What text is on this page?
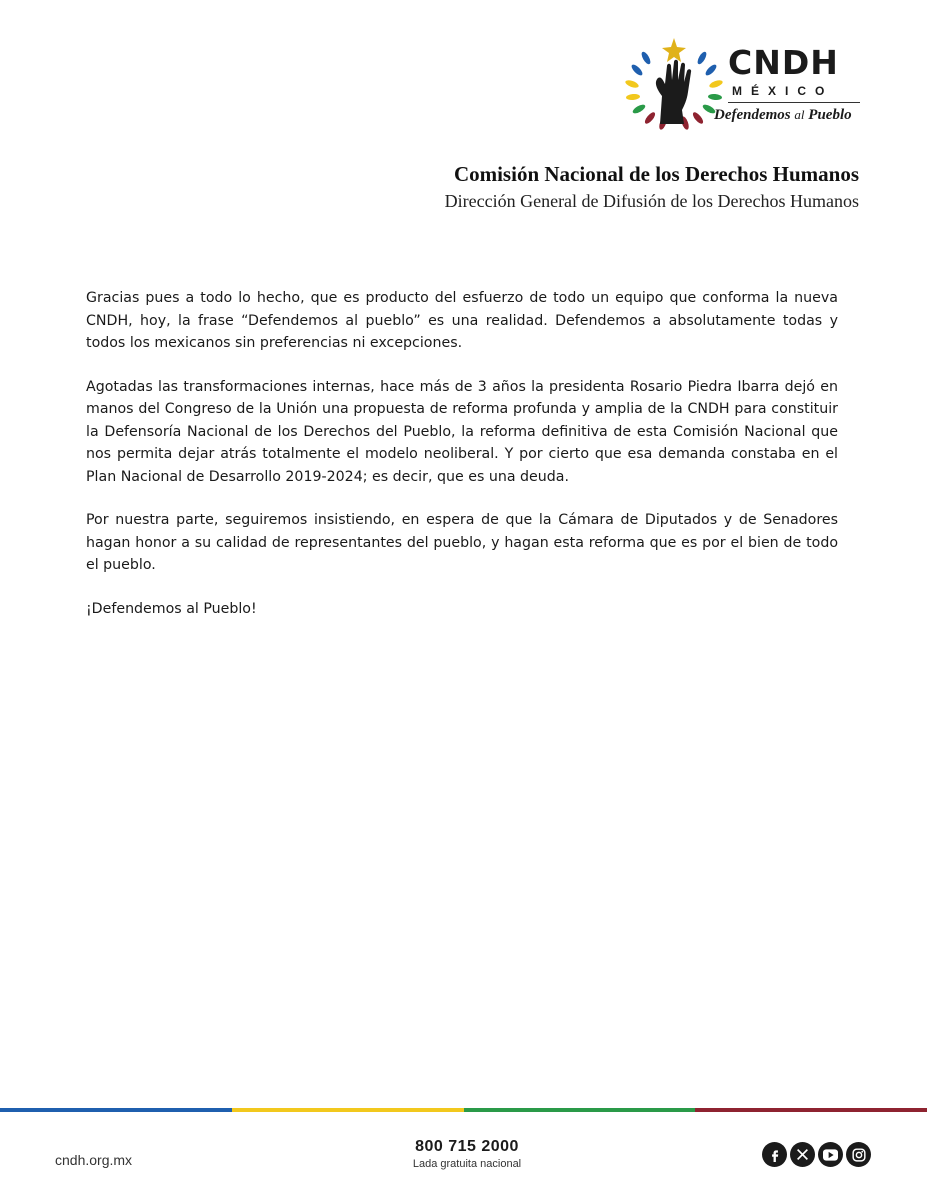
CNDH
MÉXICO
Defendemos al Pueblo
Comisión Nacional de los Derechos Humanos
Dirección General de Difusión de los Derechos Humanos

Gracias pues a todo lo hecho, que es producto del esfuerzo de todo un equipo que conforma la nueva CNDH, hoy, la frase “Defendemos al pueblo” es una realidad. Defendemos a absolutamente todas y todos los mexicanos sin preferencias ni excepciones.

Agotadas las transformaciones internas, hace más de 3 años la presidenta Rosario Piedra Ibarra dejó en manos del Congreso de la Unión una propuesta de reforma profunda y amplia de la CNDH para constituir la Defensoría Nacional de los Derechos del Pueblo, la reforma definitiva de esta Comisión Nacional que nos permita dejar atrás totalmente el modelo neoliberal. Y por cierto que esa demanda constaba en el Plan Nacional de Desarrollo 2019-2024; es decir, que es una deuda.

Por nuestra parte, seguiremos insistiendo, en espera de que la Cámara de Diputados y de Senadores hagan honor a su calidad de representantes del pueblo, y hagan esta reforma que es por el bien de todo el pueblo.

¡Defendemos al Pueblo!

cndh.org.mx
800 715 2000
Lada gratuita nacional
